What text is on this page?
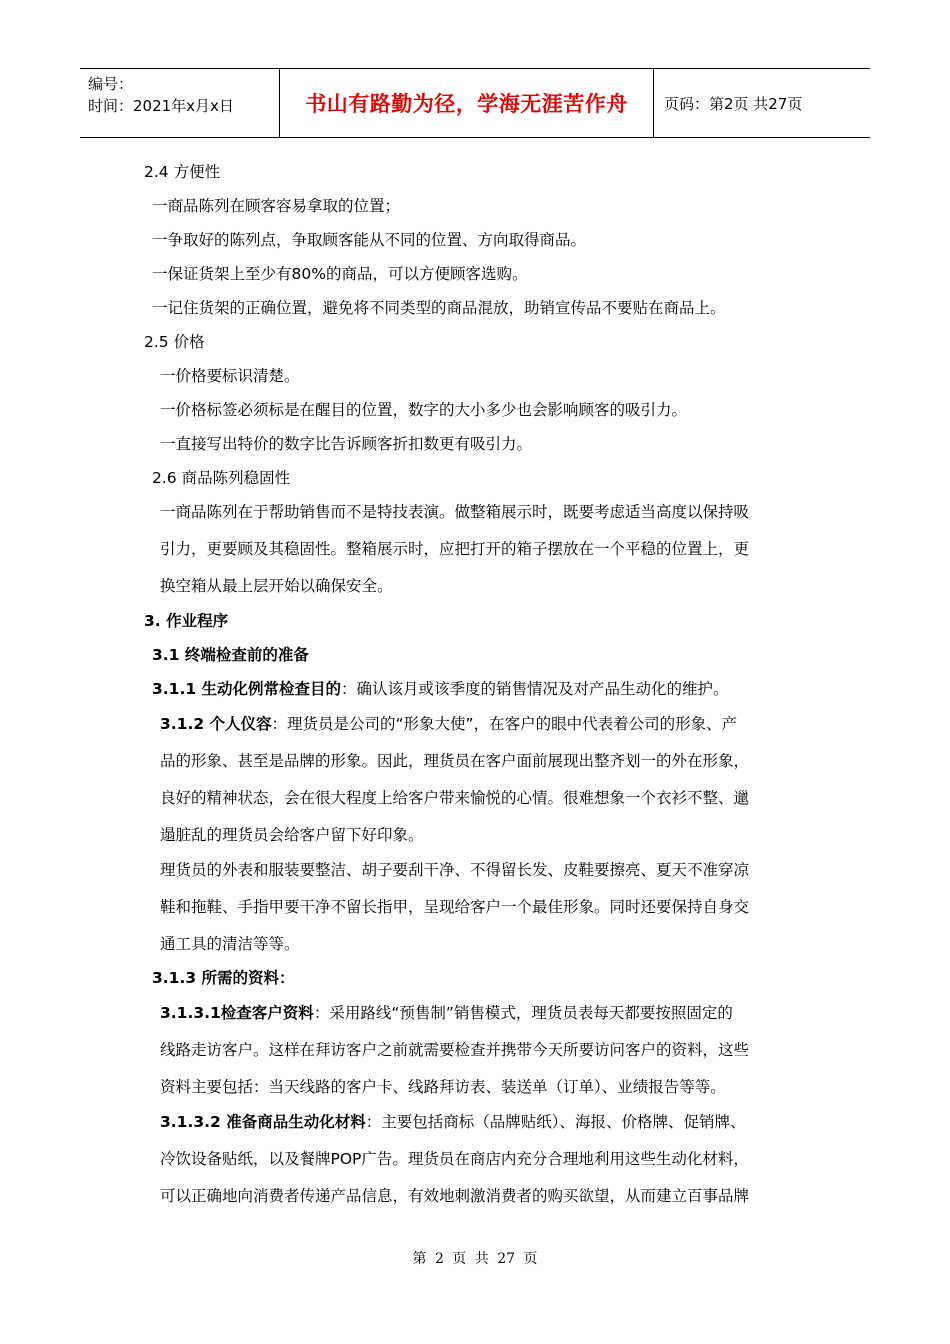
编号：
时间：2021年x月x日	书山有路勤为径，学海无涯苦作舟	页码：第2页 共27页
2.4 方便性
一商品陈列在顾客容易拿取的位置；
一争取好的陈列点，争取顾客能从不同的位置、方向取得商品。
一保证货架上至少有80%的商品，可以方便顾客选购。
一记住货架的正确位置，避免将不同类型的商品混放，助销宣传品不要贴在商品上。
2.5 价格
一价格要标识清楚。
一价格标签必须标是在醒目的位置，数字的大小多少也会影响顾客的吸引力。
一直接写出特价的数字比告诉顾客折扣数更有吸引力。
2.6 商品陈列稳固性
一商品陈列在于帮助销售而不是特技表演。做整箱展示时，既要考虑适当高度以保持吸
引力，更要顾及其稳固性。整箱展示时，应把打开的箱子摆放在一个平稳的位置上，更
换空箱从最上层开始以确保安全。
3. 作业程序
3.1 终端检查前的准备
3.1.1 生动化例常检查目的：确认该月或该季度的销售情况及对产品生动化的维护。
3.1.2 个人仪容：理货员是公司的“形象大使”，在客户的眼中代表着公司的形象、产
品的形象、甚至是品牌的形象。因此，理货员在客户面前展现出整齐划一的外在形象，
良好的精神状态，会在很大程度上给客户带来愉悦的心情。很难想象一个衣衫不整、邋
遢脏乱的理货员会给客户留下好印象。
理货员的外表和服装要整洁、胡子要刮干净、不得留长发、皮鞋要擦亮、夏天不准穿凉
鞋和拖鞋、手指甲要干净不留长指甲，呈现给客户一个最佳形象。同时还要保持自身交
通工具的清洁等等。
3.1.3 所需的资料：
3.1.3.1检查客户资料：采用路线“预售制”销售模式，理货员表每天都要按照固定的
线路走访客户。这样在拜访客户之前就需要检查并携带今天所要访问客户的资料，这些
资料主要包括：当天线路的客户卡、线路拜访表、装送单（订单）、业绩报告等等。
3.1.3.2 准备商品生动化材料：主要包括商标（品牌贴纸）、海报、价格牌、促销牌、
冷饮设备贴纸，以及餐牌POP广告。理货员在商店内充分合理地利用这些生动化材料，
可以正确地向消费者传递产品信息，有效地刺激消费者的购买欲望，从而建立百事品牌
第 2 页 共 27 页
